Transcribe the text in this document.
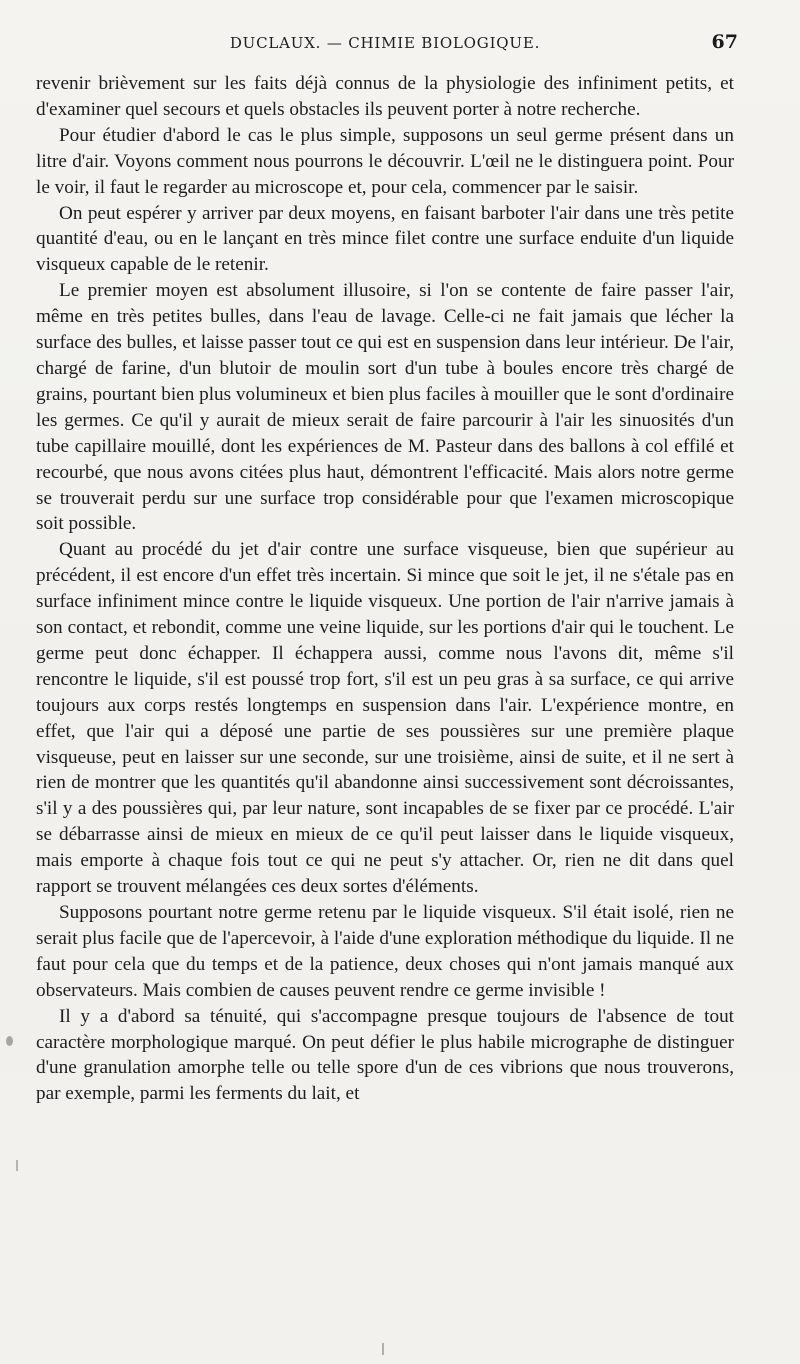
DUCLAUX. — CHIMIE BIOLOGIQUE.	67

revenir brièvement sur les faits déjà connus de la physiologie des infiniment petits, et d'examiner quel secours et quels obstacles ils peuvent porter à notre recherche.

Pour étudier d'abord le cas le plus simple, supposons un seul germe présent dans un litre d'air. Voyons comment nous pourrons le découvrir. L'œil ne le distinguera point. Pour le voir, il faut le regarder au microscope et, pour cela, commencer par le saisir.

On peut espérer y arriver par deux moyens, en faisant barboter l'air dans une très petite quantité d'eau, ou en le lançant en très mince filet contre une surface enduite d'un liquide visqueux capable de le retenir.

Le premier moyen est absolument illusoire, si l'on se contente de faire passer l'air, même en très petites bulles, dans l'eau de lavage. Celle-ci ne fait jamais que lécher la surface des bulles, et laisse passer tout ce qui est en suspension dans leur intérieur. De l'air, chargé de farine, d'un blutoir de moulin sort d'un tube à boules encore très chargé de grains, pourtant bien plus volumineux et bien plus faciles à mouiller que le sont d'ordinaire les germes. Ce qu'il y aurait de mieux serait de faire parcourir à l'air les sinuosités d'un tube capillaire mouillé, dont les expériences de M. Pasteur dans des ballons à col effilé et recourbé, que nous avons citées plus haut, démontrent l'efficacité. Mais alors notre germe se trouverait perdu sur une surface trop considérable pour que l'examen microscopique soit possible.

Quant au procédé du jet d'air contre une surface visqueuse, bien que supérieur au précédent, il est encore d'un effet très incertain. Si mince que soit le jet, il ne s'étale pas en surface infiniment mince contre le liquide visqueux. Une portion de l'air n'arrive jamais à son contact, et rebondit, comme une veine liquide, sur les portions d'air qui le touchent. Le germe peut donc échapper. Il échappera aussi, comme nous l'avons dit, même s'il rencontre le liquide, s'il est poussé trop fort, s'il est un peu gras à sa surface, ce qui arrive toujours aux corps restés longtemps en suspension dans l'air. L'expérience montre, en effet, que l'air qui a déposé une partie de ses poussières sur une première plaque visqueuse, peut en laisser sur une seconde, sur une troisième, ainsi de suite, et il ne sert à rien de montrer que les quantités qu'il abandonne ainsi successivement sont décroissantes, s'il y a des poussières qui, par leur nature, sont incapables de se fixer par ce procédé. L'air se débarrasse ainsi de mieux en mieux de ce qu'il peut laisser dans le liquide visqueux, mais emporte à chaque fois tout ce qui ne peut s'y attacher. Or, rien ne dit dans quel rapport se trouvent mélangées ces deux sortes d'éléments.

Supposons pourtant notre germe retenu par le liquide visqueux. S'il était isolé, rien ne serait plus facile que de l'apercevoir, à l'aide d'une exploration méthodique du liquide. Il ne faut pour cela que du temps et de la patience, deux choses qui n'ont jamais manqué aux observateurs. Mais combien de causes peuvent rendre ce germe invisible !

Il y a d'abord sa ténuité, qui s'accompagne presque toujours de l'absence de tout caractère morphologique marqué. On peut défier le plus habile micrographe de distinguer d'une granulation amorphe telle ou telle spore d'un de ces vibrions que nous trouverons, par exemple, parmi les ferments du lait, et
